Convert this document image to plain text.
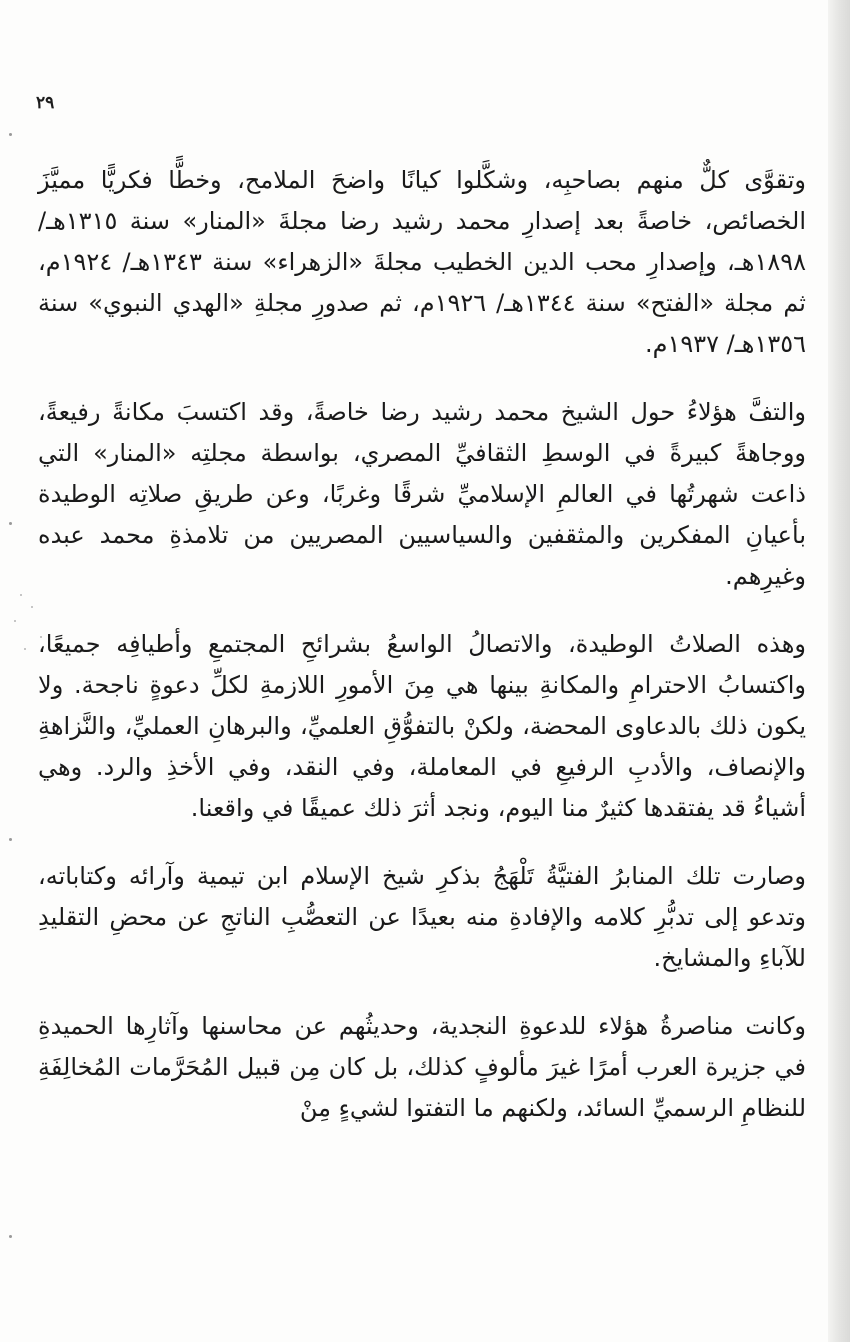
٢٩

وتقوَّى كلٌّ منهم بصاحبِه، وشكَّلوا كيانًا واضحَ الملامح، وخطًّا فكريًّا مميَّزَ الخصائص، خاصةً بعد إصدارِ محمد رشيد رضا مجلةَ «المنار» سنة ١٣١٥هـ/١٨٩٨هـ، وإصدارِ محب الدين الخطيب مجلةَ «الزهراء» سنة ١٣٤٣هـ/ ١٩٢٤م، ثم مجلة «الفتح» سنة ١٣٤٤هـ/ ١٩٢٦م، ثم صدورِ مجلةِ «الهدي النبوي» سنة ١٣٥٦هـ/ ١٩٣٧م.

والتفَّ هؤلاءُ حول الشيخ محمد رشيد رضا خاصةً، وقد اكتسبَ مكانةً رفيعةً، ووجاهةً كبيرةً في الوسطِ الثقافيِّ المصري، بواسطة مجلتِه «المنار» التي ذاعت شهرتُها في العالمِ الإسلاميِّ شرقًا وغربًا، وعن طريقِ صلاتِه الوطيدة بأعيانِ المفكرين والمثقفين والسياسيين المصريين من تلامذةِ محمد عبده وغيرِهم.

وهذه الصلاتُ الوطيدة، والاتصالُ الواسعُ بشرائحِ المجتمعِ وأطيافِه جميعًا، واكتسابُ الاحترامِ والمكانةِ بينها هي مِنَ الأمورِ اللازمةِ لكلِّ دعوةٍ ناجحة. ولا يكون ذلك بالدعاوى المحضة، ولكنْ بالتفوُّقِ العلميِّ، والبرهانِ العمليِّ، والنَّزاهةِ والإنصاف، والأدبِ الرفيعِ في المعاملة، وفي النقد، وفي الأخذِ والرد. وهي أشياءُ قد يفتقدها كثيرٌ منا اليوم، ونجد أثرَ ذلك عميقًا في واقعنا.

وصارت تلك المنابرُ الفتيَّةُ تَلْهَجُ بذكرِ شيخ الإسلام ابن تيمية وآرائه وكتاباته، وتدعو إلى تدبُّرِ كلامه والإفادةِ منه بعيدًا عن التعصُّبِ الناتجِ عن محضِ التقليدِ للآباءِ والمشايخ.

وكانت مناصرةُ هؤلاء للدعوةِ النجدية، وحديثُهم عن محاسنها وآثارِها الحميدةِ في جزيرة العرب أمرًا غيرَ مألوفٍ كذلك، بل كان مِن قبيل المُحَرَّمات المُخالِفَةِ للنظامِ الرسميِّ السائد، ولكنهم ما التفتوا لشيءٍ مِنْ
